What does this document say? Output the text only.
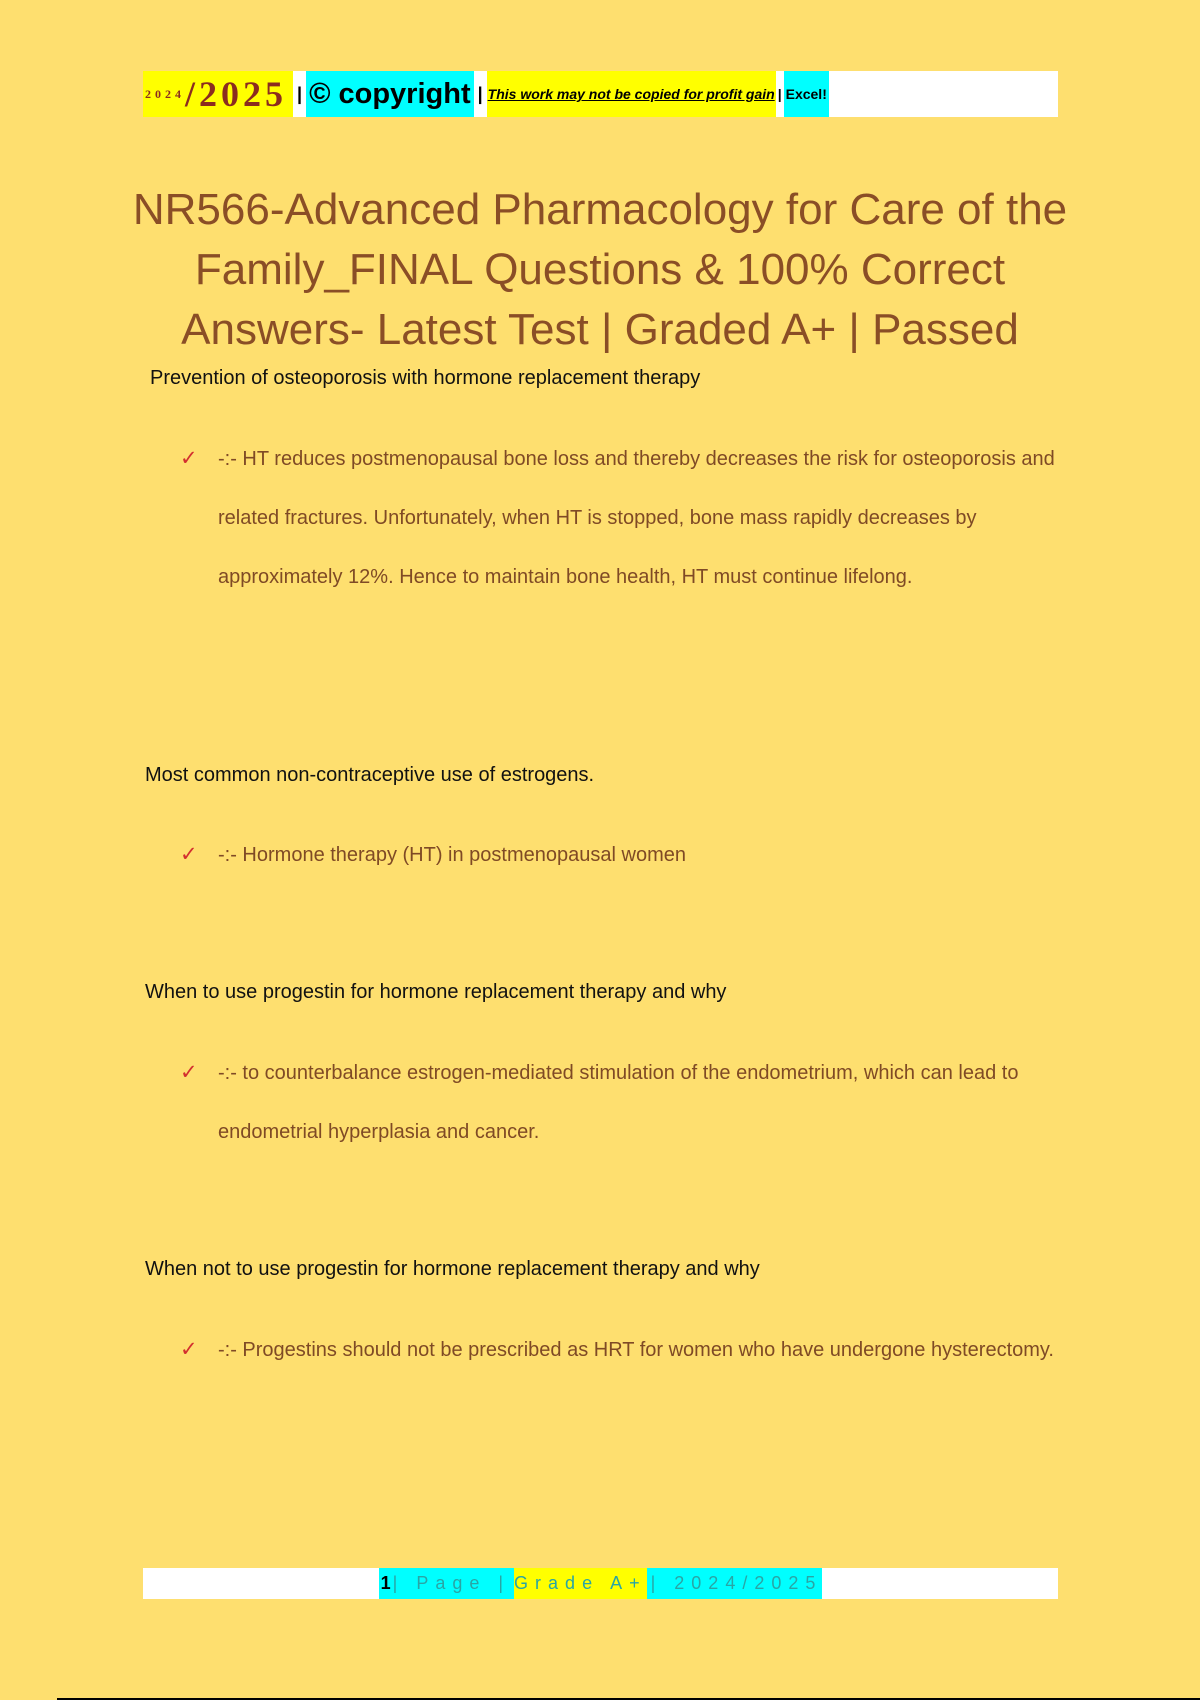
2024 /2025 | © copyright | This work may not be copied for profit gain | Excel!
NR566-Advanced Pharmacology for Care of the Family_FINAL Questions & 100% Correct Answers- Latest Test | Graded A+ | Passed

Prevention of osteoporosis with hormone replacement therapy

✓ -:- HT reduces postmenopausal bone loss and thereby decreases the risk for osteoporosis and related fractures. Unfortunately, when HT is stopped, bone mass rapidly decreases by approximately 12%. Hence to maintain bone health, HT must continue lifelong.

Most common non-contraceptive use of estrogens.

✓ -:- Hormone therapy (HT) in postmenopausal women

When to use progestin for hormone replacement therapy and why

✓ -:- to counterbalance estrogen-mediated stimulation of the endometrium, which can lead to endometrial hyperplasia and cancer.

When not to use progestin for hormone replacement therapy and why

✓ -:- Progestins should not be prescribed as HRT for women who have undergone hysterectomy.
1 | Page | Grade A+ | 2024/2025
